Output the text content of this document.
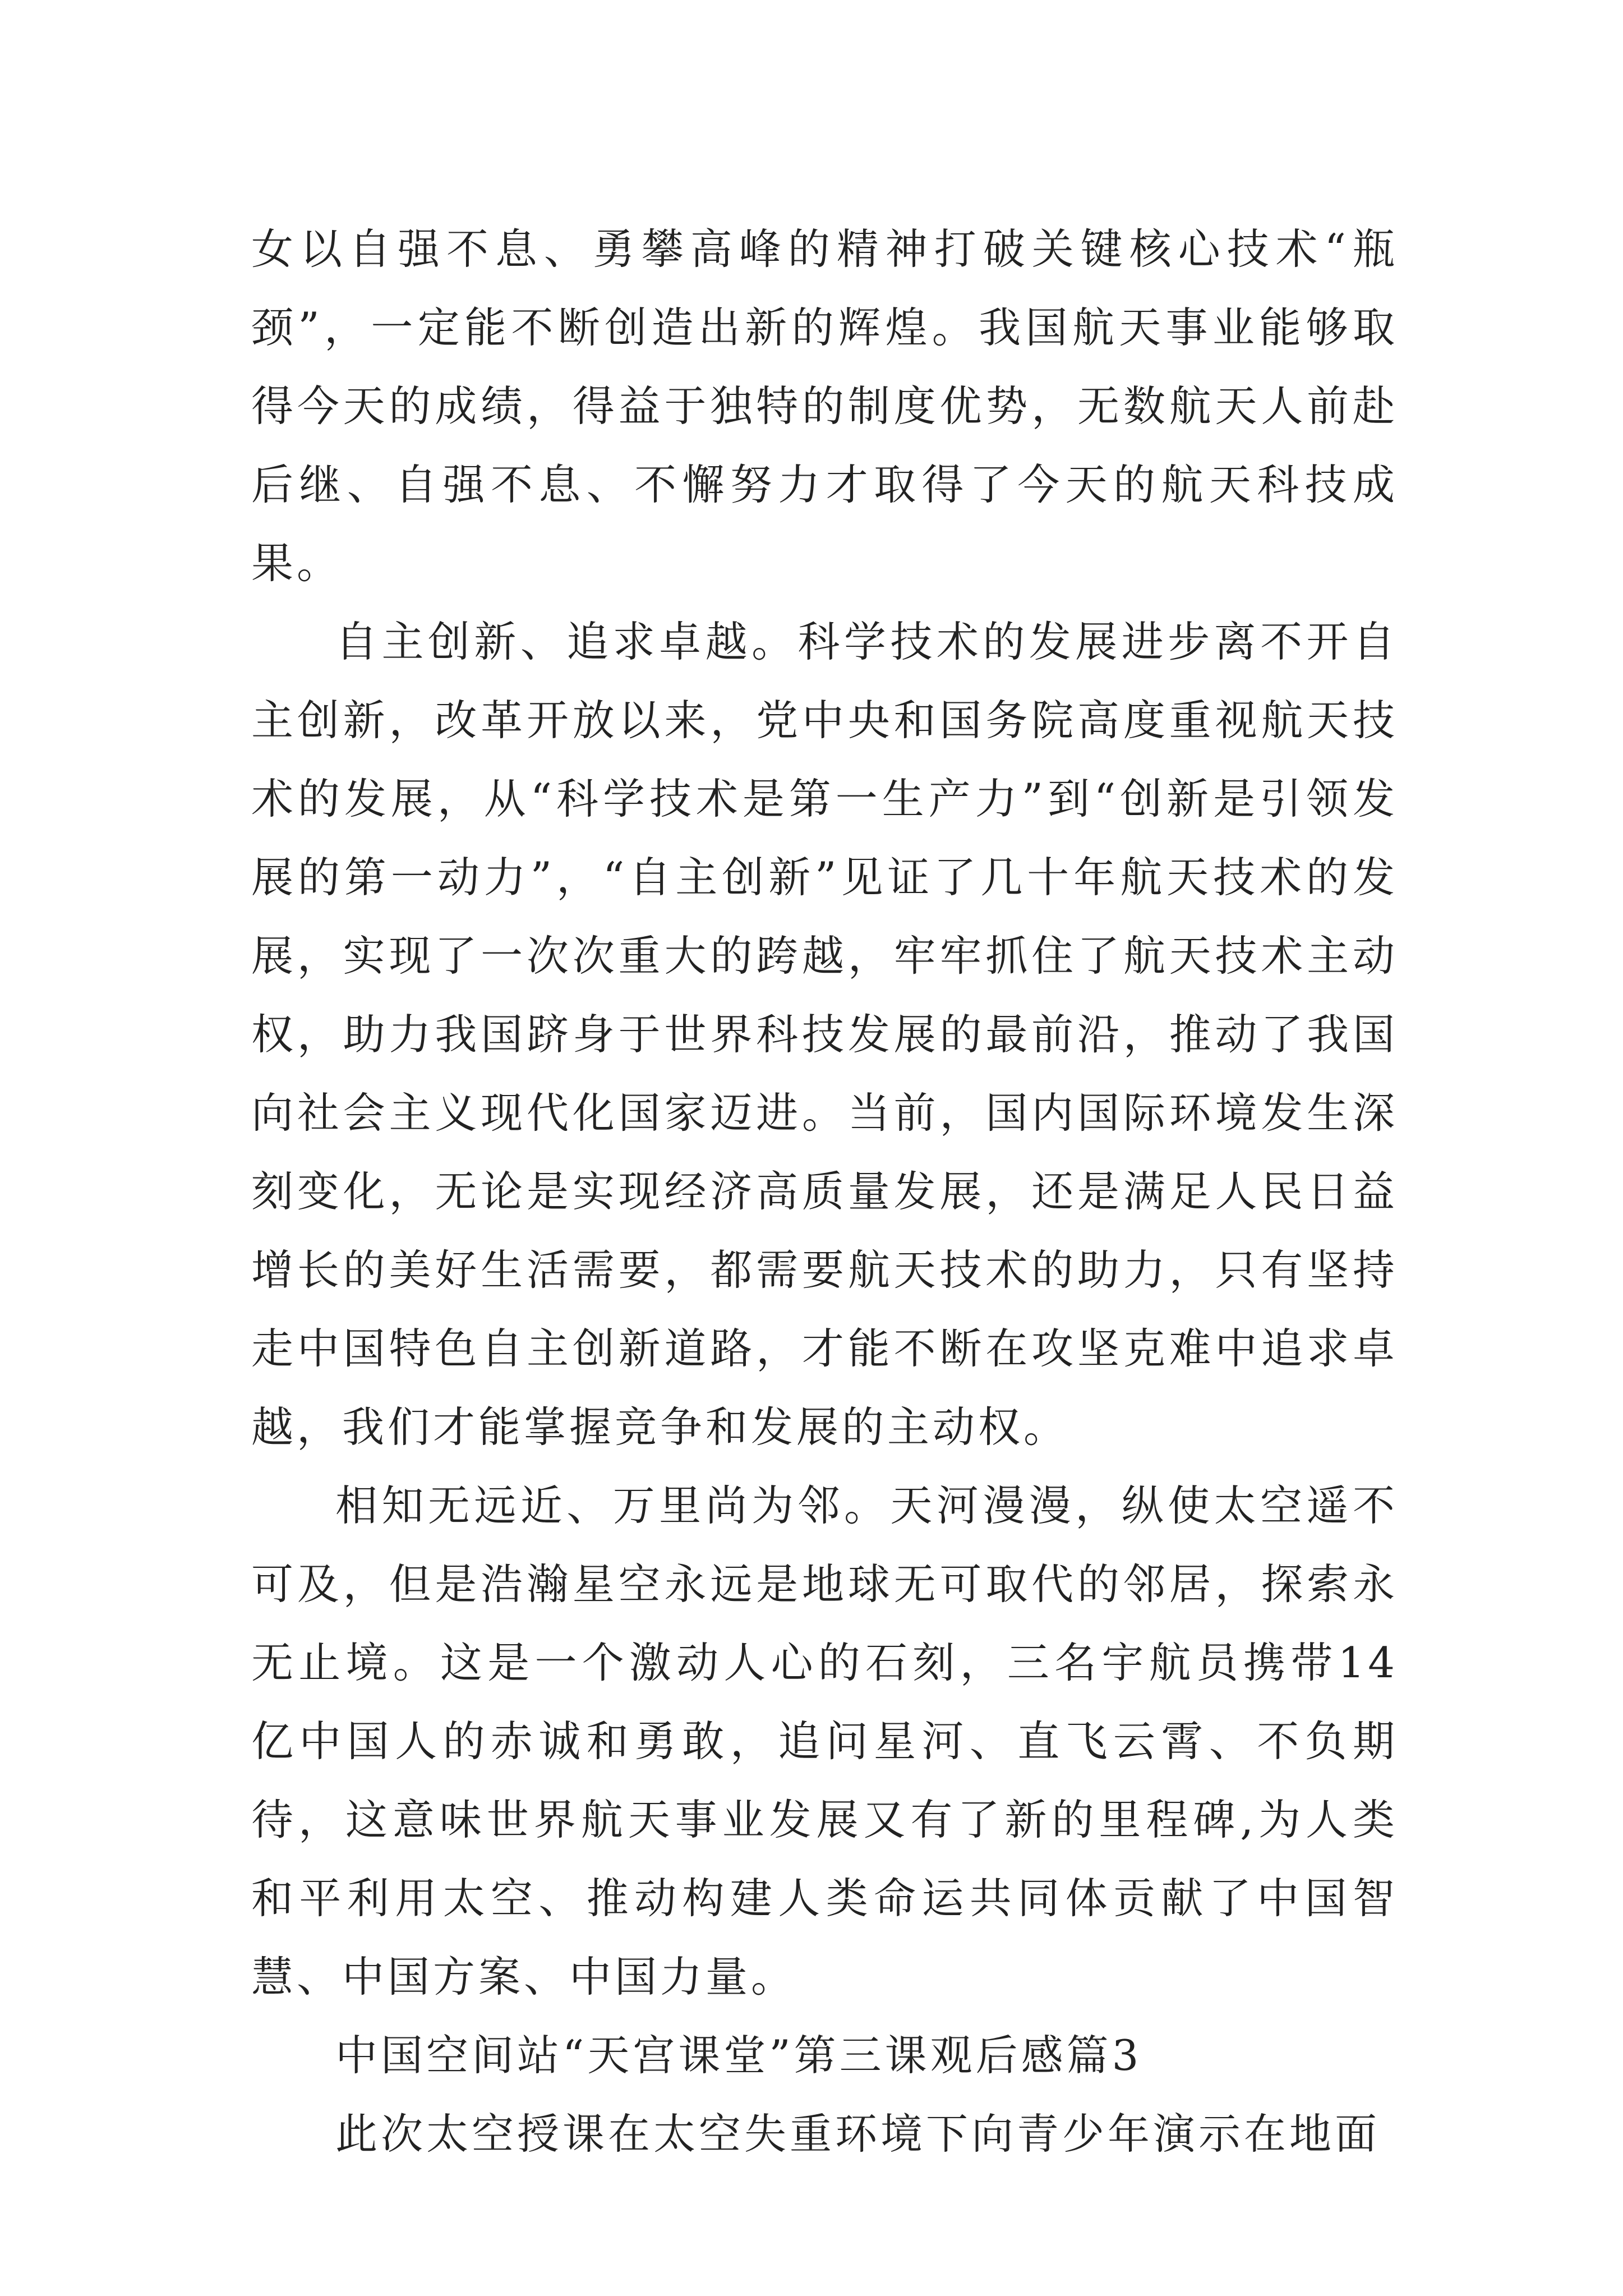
女以自强不息、勇攀高峰的精神打破关键核心技术“瓶颈”，一定能不断创造出新的辉煌。我国航天事业能够取得今天的成绩，得益于独特的制度优势，无数航天人前赴后继、自强不息、不懈努力才取得了今天的航天科技成果。

自主创新、追求卓越。科学技术的发展进步离不开自主创新，改革开放以来，党中央和国务院高度重视航天技术的发展，从“科学技术是第一生产力”到“创新是引领发展的第一动力”，“自主创新”见证了几十年航天技术的发展，实现了一次次重大的跨越，牢牢抓住了航天技术主动权，助力我国跻身于世界科技发展的最前沿，推动了我国向社会主义现代化国家迈进。当前，国内国际环境发生深刻变化，无论是实现经济高质量发展，还是满足人民日益增长的美好生活需要，都需要航天技术的助力，只有坚持走中国特色自主创新道路，才能不断在攻坚克难中追求卓越，我们才能掌握竞争和发展的主动权。

相知无远近、万里尚为邻。天河漫漫，纵使太空遥不可及，但是浩瀚星空永远是地球无可取代的邻居，探索永无止境。这是一个激动人心的石刻，三名宇航员携带14亿中国人的赤诚和勇敢，追问星河、直飞云霄、不负期待，这意味世界航天事业发展又有了新的里程碑,为人类和平利用太空、推动构建人类命运共同体贡献了中国智慧、中国方案、中国力量。

中国空间站“天宫课堂”第三课观后感篇3

此次太空授课在太空失重环境下向青少年演示在地面
